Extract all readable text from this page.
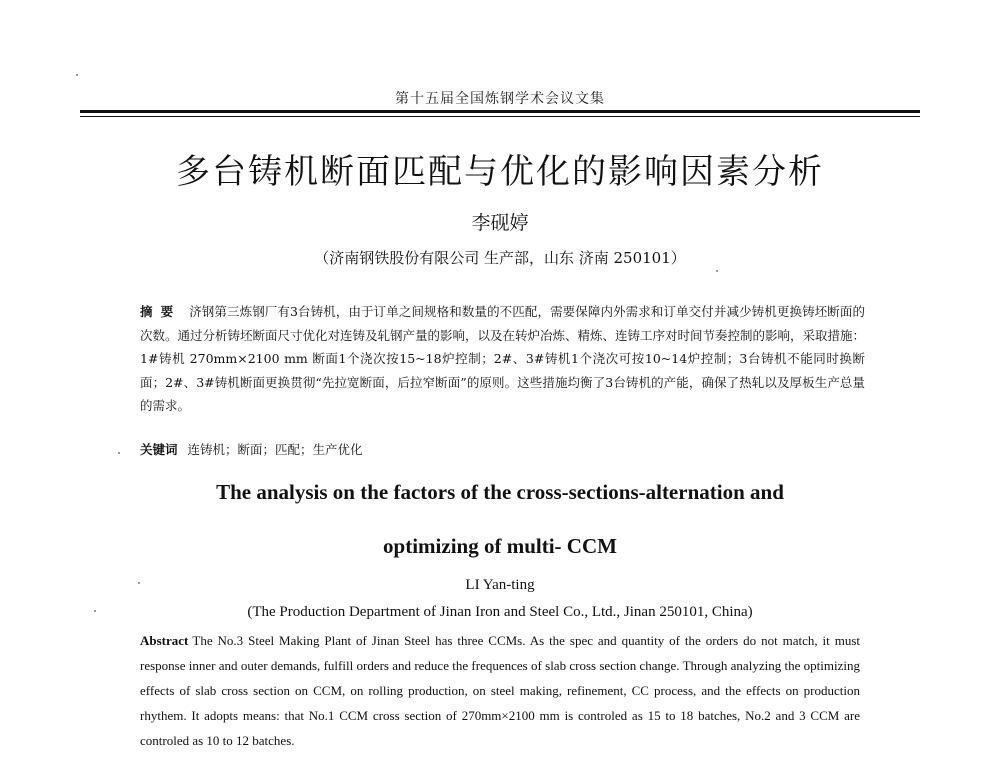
第十五届全国炼钢学术会议文集
多台铸机断面匹配与优化的影响因素分析
李砚婷
（济南钢铁股份有限公司 生产部，山东 济南 250101）
摘要 济钢第三炼钢厂有3台铸机，由于订单之间规格和数量的不匹配，需要保障内外需求和订单交付并减少铸机更换铸坯断面的次数。通过分析铸坯断面尺寸优化对连铸及轧钢产量的影响，以及在转炉冶炼、精炼、连铸工序对时间节奏控制的影响，采取措施：1#铸机 270mm×2100 mm 断面1个浇次按15~18炉控制；2#、3#铸机1个浇次可按10~14炉控制；3台铸机不能同时换断面；2#、3#铸机断面更换贯彻“先拉宽断面，后拉窄断面”的原则。这些措施均衡了3台铸机的产能，确保了热轧以及厚板生产总量的需求。
关键词 连铸机；断面；匹配；生产优化
The analysis on the factors of the cross-sections-alternation and
optimizing of multi- CCM
LI Yan-ting
(The Production Department of Jinan Iron and Steel Co., Ltd., Jinan 250101, China)
Abstract The No.3 Steel Making Plant of Jinan Steel has three CCMs. As the spec and quantity of the orders do not match, it must response inner and outer demands, fulfill orders and reduce the frequences of slab cross section change. Through analyzing the optimizing effects of slab cross section on CCM, on rolling production, on steel making, refinement, CC process, and the effects on production rhythem. It adopts means: that No.1 CCM cross section of 270mm×2100 mm is controled as 15 to 18 batches, No.2 and 3 CCM are controled as 10 to 12 batches.
